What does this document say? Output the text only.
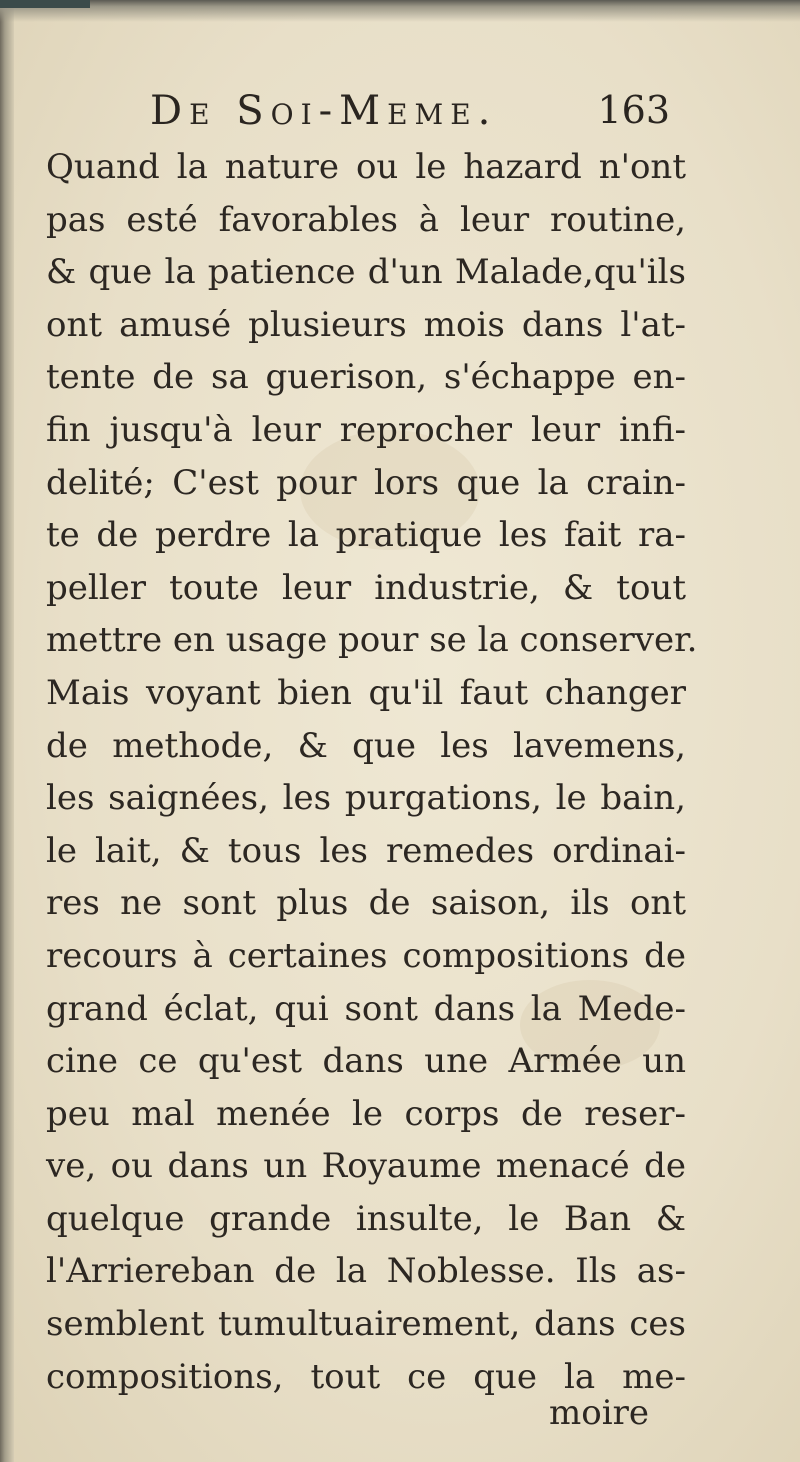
De Soi-Meme.	163
Quand la nature ou le hazard n'ont
pas esté favorables à leur routine,
& que la patience d'un Malade,qu'ils
ont amusé plusieurs mois dans l'at-
tente de sa guerison, s'échappe en-
fin jusqu'à leur reprocher leur infi-
delité; C'est pour lors que la crain-
te de perdre la pratique les fait ra-
peller toute leur industrie, & tout
mettre en usage pour se la conserver.
Mais voyant bien qu'il faut changer
de methode, & que les lavemens,
les saignées, les purgations, le bain,
le lait, & tous les remedes ordinai-
res ne sont plus de saison, ils ont
recours à certaines compositions de
grand éclat, qui sont dans la Mede-
cine ce qu'est dans une Armée un
peu mal menée le corps de reser-
ve, ou dans un Royaume menacé de
quelque grande insulte, le Ban &
l'Arriereban de la Noblesse. Ils as-
semblent tumultuairement, dans ces
compositions, tout ce que la me-
moire
